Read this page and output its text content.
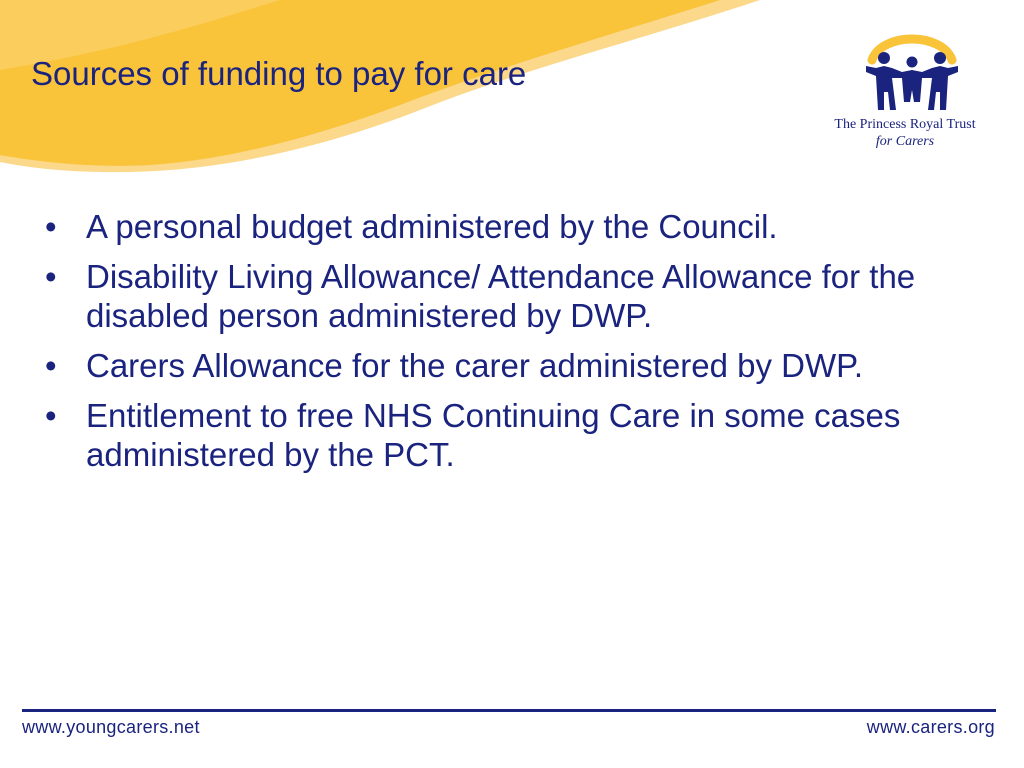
Sources of funding to pay for care
The Princess Royal Trust
for Carers
• A personal budget administered by the Council.
• Disability Living Allowance/ Attendance Allowance for the disabled person administered by DWP.
• Carers Allowance for the carer administered by DWP.
• Entitlement to free NHS Continuing Care in some cases administered by the PCT.
www.youngcarers.net	www.carers.org
